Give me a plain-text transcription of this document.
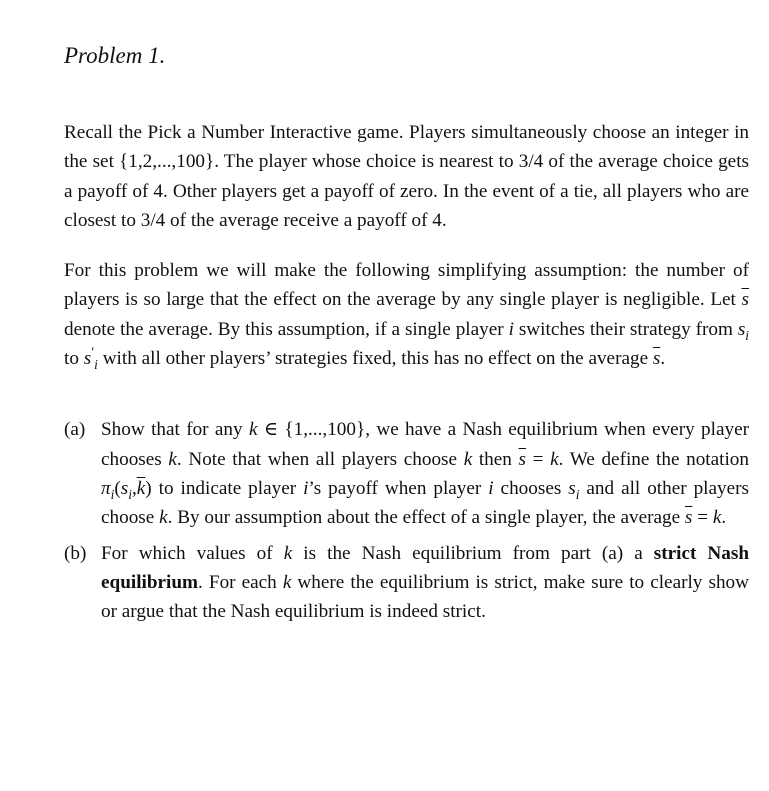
Problem 1.

Recall the Pick a Number Interactive game. Players simultaneously choose an integer in the set {1,2,...,100}. The player whose choice is nearest to 3/4 of the average choice gets a payoff of 4. Other players get a payoff of zero. In the event of a tie, all players who are closest to 3/4 of the average receive a payoff of 4.

For this problem we will make the following simplifying assumption: the number of players is so large that the effect on the average by any single player is negligible. Let $\overline{s}$ denote the average. By this assumption, if a single player i switches their strategy from $s_i$ to $s'_i$ with all other players’ strategies fixed, this has no effect on the average $\overline{s}$.

(a) Show that for any k ∈ {1,...,100}, we have a Nash equilibrium when every player chooses k. Note that when all players choose k then $\overline{s} = k$. We define the notation $\pi_i(s_i,\overline{k})$ to indicate player i’s payoff when player i chooses $s_i$ and all other players choose k. By our assumption about the effect of a single player, the average $\overline{s} = k$.
(b) For which values of k is the Nash equilibrium from part (a) a strict Nash equilibrium. For each k where the equilibrium is strict, make sure to clearly show or argue that the Nash equilibrium is indeed strict.
